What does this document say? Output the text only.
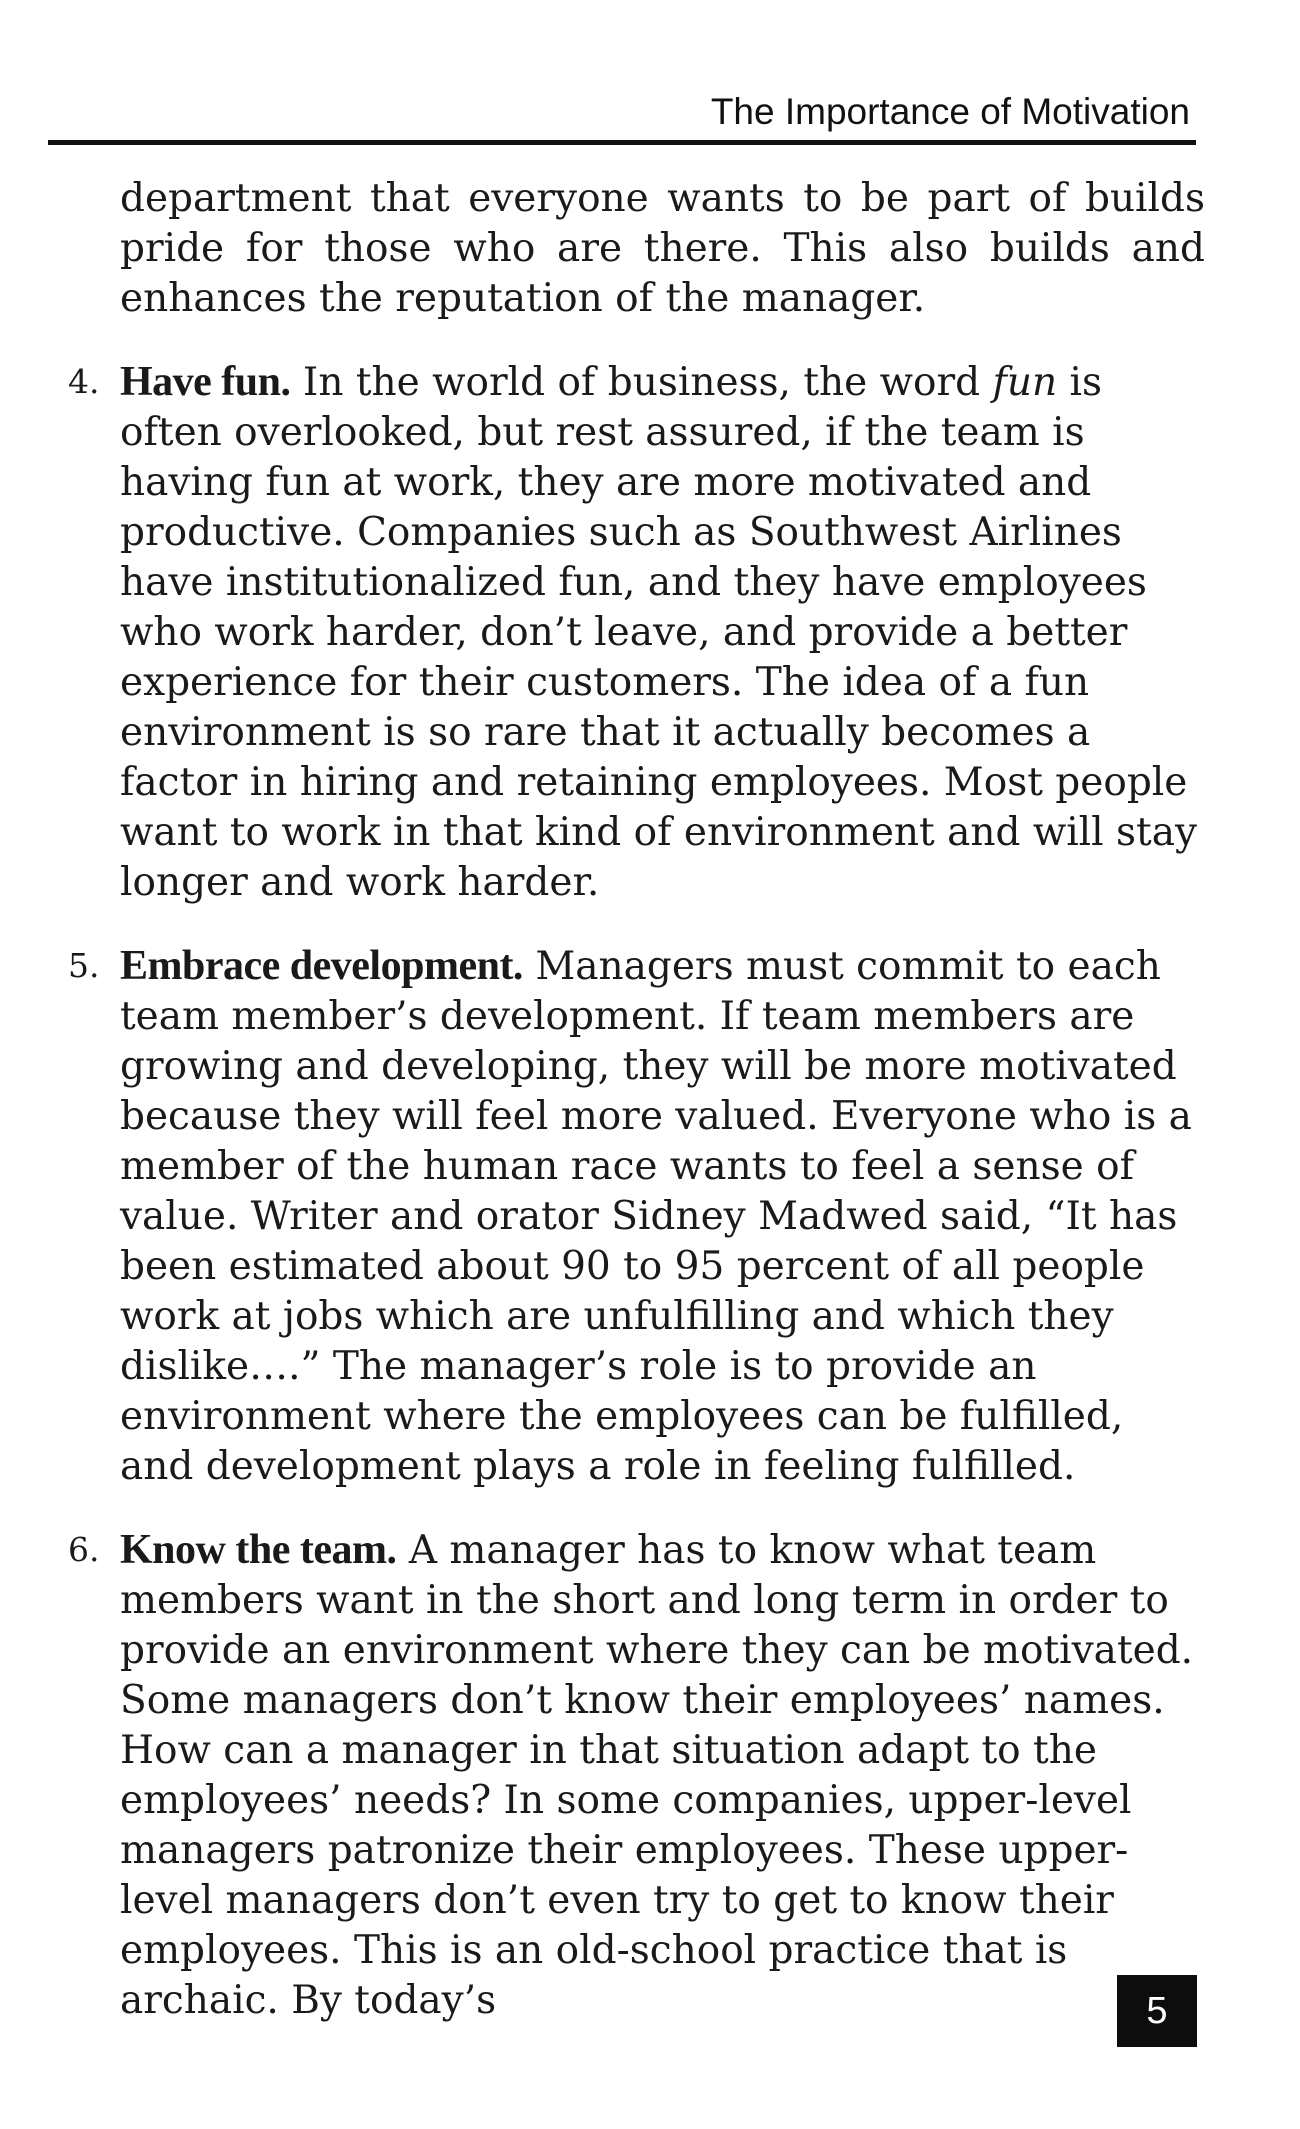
The Importance of Motivation

department that everyone wants to be part of builds pride for those who are there. This also builds and enhances the reputation of the manager.

4. Have fun. In the world of business, the word fun is often overlooked, but rest assured, if the team is having fun at work, they are more motivated and productive. Companies such as Southwest Airlines have institutionalized fun, and they have employees who work harder, don’t leave, and provide a better experience for their customers. The idea of a fun environment is so rare that it actually becomes a factor in hiring and retaining employees. Most people want to work in that kind of environment and will stay longer and work harder.

5. Embrace development. Managers must commit to each team member’s development. If team members are growing and developing, they will be more motivated because they will feel more valued. Everyone who is a member of the human race wants to feel a sense of value. Writer and orator Sidney Madwed said, “It has been estimated about 90 to 95 percent of all people work at jobs which are unfulfilling and which they dislike….” The manager’s role is to provide an environment where the employees can be fulfilled, and development plays a role in feeling fulfilled.

6. Know the team. A manager has to know what team members want in the short and long term in order to provide an environment where they can be motivated. Some managers don’t know their employees’ names. How can a manager in that situation adapt to the employees’ needs? In some companies, upper-level managers patronize their employees. These upper-level managers don’t even try to get to know their employees. This is an old-school practice that is archaic. By today’s	5
